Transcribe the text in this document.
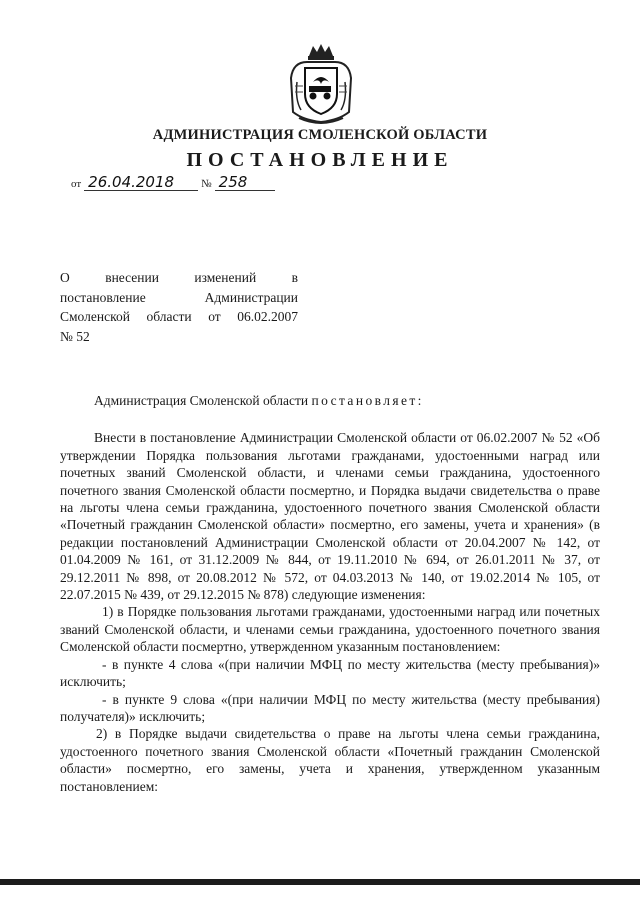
АДМИНИСТРАЦИЯ СМОЛЕНСКОЙ ОБЛАСТИ
ПОСТАНОВЛЕНИЕ
от 26.04.2018 № 258
О внесении изменений в
постановление Администрации
Смоленской области от 06.02.2007
№ 52

Администрация Смоленской области постановляет:

Внести в постановление Администрации Смоленской области от 06.02.2007 № 52 «Об утверждении Порядка пользования льготами гражданами, удостоенными наград или почетных званий Смоленской области, и членами семьи гражданина, удостоенного почетного звания Смоленской области посмертно, и Порядка выдачи свидетельства о праве на льготы члена семьи гражданина, удостоенного почетного звания Смоленской области «Почетный гражданин Смоленской области» посмертно, его замены, учета и хранения» (в редакции постановлений Администрации Смоленской области от 20.04.2007 № 142, от 01.04.2009 № 161, от 31.12.2009 № 844, от 19.11.2010 № 694, от 26.01.2011 № 37, от 29.12.2011 № 898, от 20.08.2012 № 572, от 04.03.2013 № 140, от 19.02.2014 № 105, от 22.07.2015 № 439, от 29.12.2015 № 878) следующие изменения:

1) в Порядке пользования льготами гражданами, удостоенными наград или почетных званий Смоленской области, и членами семьи гражданина, удостоенного почетного звания Смоленской области посмертно, утвержденном указанным постановлением:

- в пункте 4 слова «(при наличии МФЦ по месту жительства (месту пребывания)» исключить;

- в пункте 9 слова «(при наличии МФЦ по месту жительства (месту пребывания) получателя)» исключить;

2) в Порядке выдачи свидетельства о праве на льготы члена семьи гражданина, удостоенного почетного звания Смоленской области «Почетный гражданин Смоленской области» посмертно, его замены, учета и хранения, утвержденном указанным постановлением:
